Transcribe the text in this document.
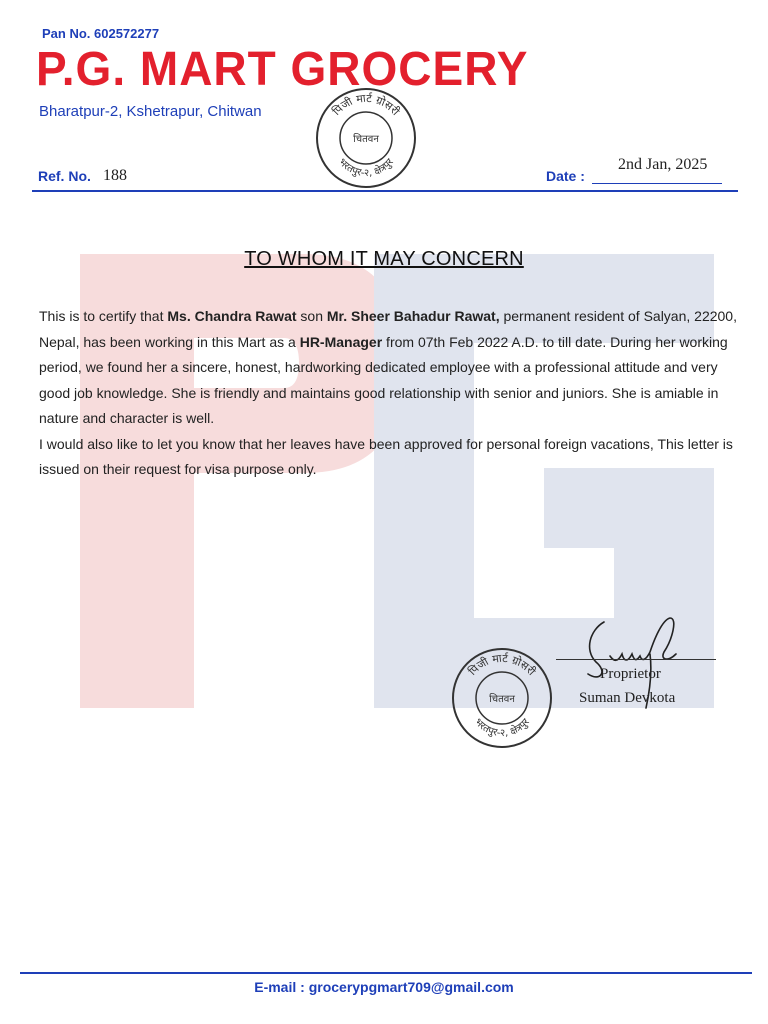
Pan No. 602572277
P.G. MART GROCERY
Bharatpur-2, Kshetrapur, Chitwan	पिजी मार्ट ग्रोसरी
भरतपुर-२, क्षेत्रपुर
चितवन
Ref. No. 188	Date :
2nd Jan, 2025
TO WHOM IT MAY CONCERN

This is to certify that Ms. Chandra Rawat son Mr. Sheer Bahadur Rawat, permanent resident of Salyan, 22200, Nepal, has been working in this Mart as a HR-Manager from 07th Feb 2022 A.D. to till date. During her working period, we found her a sincere, honest, hardworking dedicated employee with a professional attitude and very good job knowledge. She is friendly and maintains good relationship with senior and juniors. She is amiable in nature and character is well.

I would also like to let you know that her leaves have been approved for personal foreign vacations, This letter is issued on their request for visa purpose only.

पिजी मार्ट ग्रोसरी
भरतपुर-२, क्षेत्रपुर
चितवन
Proprietor
Suman Devkota
E-mail : grocerypgmart709@gmail.com
